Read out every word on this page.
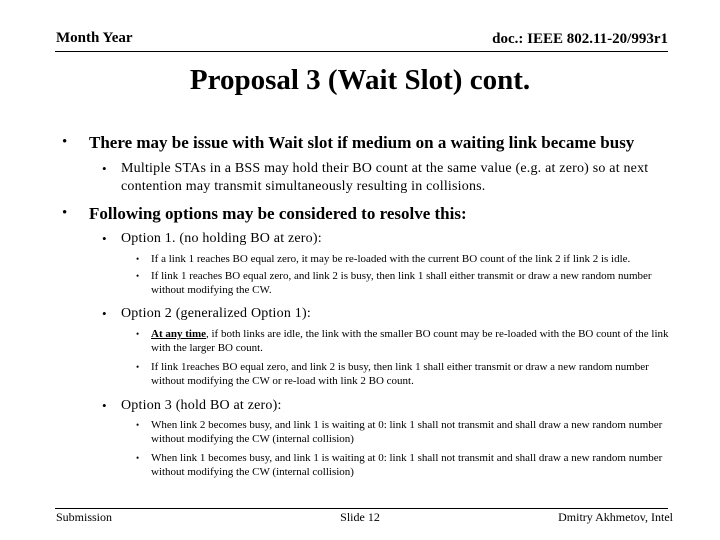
Month Year	doc.: IEEE 802.11-20/993r1
Proposal 3 (Wait Slot) cont.
• There may be issue with Wait slot if medium on a waiting link became busy
• Multiple STAs in a BSS may hold their BO count at the same value (e.g. at zero) so at next contention may transmit simultaneously resulting in collisions.
• Following options may be considered to resolve this:
• Option 1. (no holding BO at zero):
• If a link 1 reaches BO equal zero, it may be re-loaded with the current BO count of the link 2 if link 2 is idle.
• If link 1 reaches BO equal zero, and link 2 is busy, then link 1 shall either transmit or draw a new random number without modifying the CW.
• Option 2 (generalized Option 1):
• At any time, if both links are idle, the link with the smaller BO count may be re-loaded with the BO count of the link with the larger BO count.
• If link 1reaches BO equal zero, and link 2 is busy, then link 1 shall either transmit or draw a new random number without modifying the CW or re-load with link 2 BO count.
• Option 3 (hold BO at zero):
• When link 2 becomes busy, and link 1 is waiting at 0: link 1 shall not transmit and shall draw a new random number without modifying the CW (internal collision)
• When link 1 becomes busy, and link 1 is waiting at 0: link 1 shall not transmit and shall draw a new random number without modifying the CW (internal collision)
Submission	Slide 12	Dmitry Akhmetov, Intel
